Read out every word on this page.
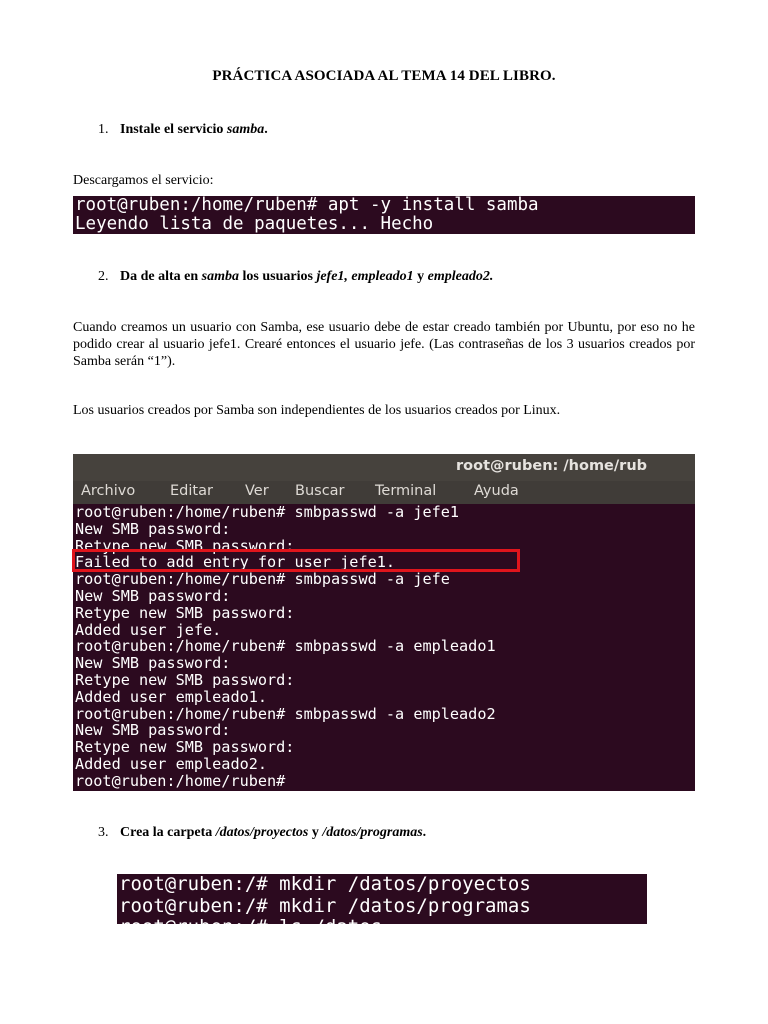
PRÁCTICA ASOCIADA AL TEMA 14 DEL LIBRO.
1. Instale el servicio samba.
Descargamos el servicio:
root@ruben:/home/ruben# apt -y install samba
Leyendo lista de paquetes... Hecho
2. Da de alta en samba los usuarios jefe1, empleado1 y empleado2.
Cuando creamos un usuario con Samba, ese usuario debe de estar creado también por Ubuntu, por eso no he podido crear al usuario jefe1. Crearé entonces el usuario jefe. (Las contraseñas de los 3 usuarios creados por Samba serán “1”).
Los usuarios creados por Samba son independientes de los usuarios creados por Linux.
root@ruben: /home/rub
Archivo Editar Ver Buscar Terminal	Ayuda
root@ruben:/home/ruben# smbpasswd -a jefe1
New SMB password:
Retype new SMB password:
Failed to add entry for user jefe1.
root@ruben:/home/ruben# smbpasswd -a jefe
New SMB password:
Retype new SMB password:
Added user jefe.
root@ruben:/home/ruben# smbpasswd -a empleado1
New SMB password:
Retype new SMB password:
Added user empleado1.
root@ruben:/home/ruben# smbpasswd -a empleado2
New SMB password:
Retype new SMB password:
Added user empleado2.
root@ruben:/home/ruben#
3. Crea la carpeta /datos/proyectos y /datos/programas.
root@ruben:/# mkdir /datos/proyectos
root@ruben:/# mkdir /datos/programas
root@ruben:/# ls /datos
